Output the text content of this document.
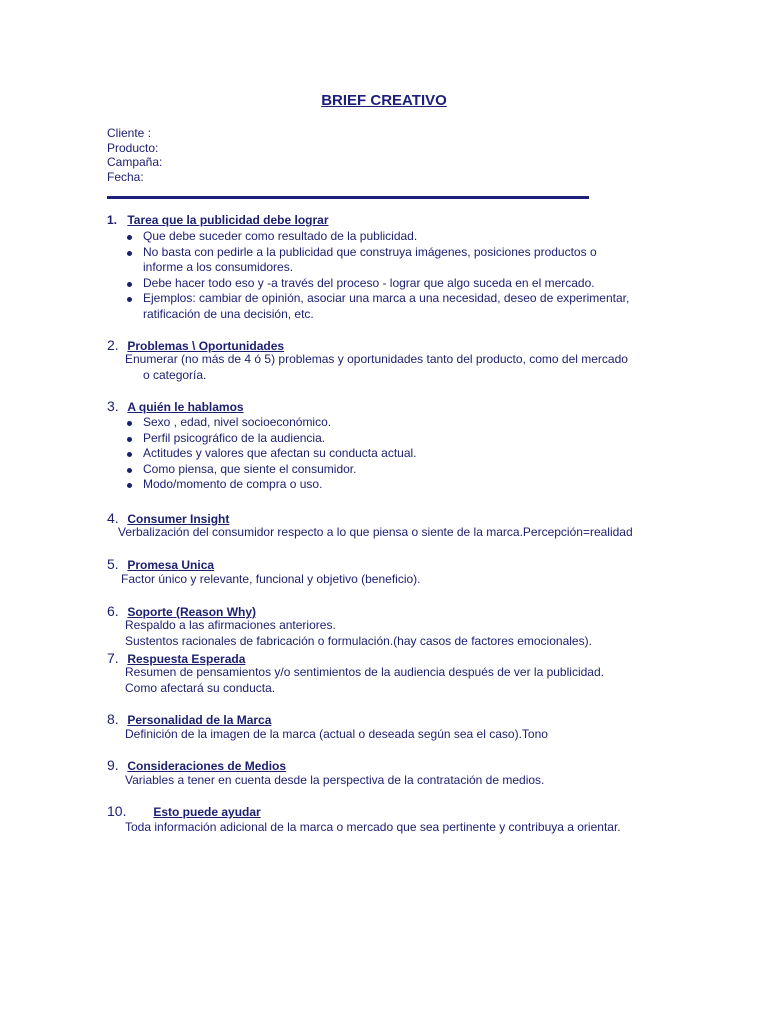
BRIEF CREATIVO
Cliente :
Producto:
Campaña:
Fecha:
1. Tarea que la publicidad debe lograr
Que debe suceder como resultado de la publicidad.
No basta con pedirle a la publicidad que construya imágenes, posiciones productos o
informe a los consumidores.
Debe hacer todo eso y -a través del proceso - lograr que algo suceda en el mercado.
Ejemplos: cambiar de opinión, asociar una marca a una necesidad, deseo de experimentar,
ratificación de una decisión, etc.
2. Problemas \ Oportunidades
Enumerar (no más de 4 ó 5) problemas y oportunidades tanto del producto, como del mercado
o categoría.
3. A quién le hablamos
Sexo , edad, nivel socioeconómico.
Perfil psicográfico de la audiencia.
Actitudes y valores que afectan su conducta actual.
Como piensa, que siente el consumidor.
Modo/momento de compra o uso.
4. Consumer Insight
Verbalización del consumidor respecto a lo que piensa o siente de la marca.Percepción=realidad
5. Promesa Unica
Factor único y relevante, funcional y objetivo (beneficio).
6. Soporte (Reason Why)
Respaldo a las afirmaciones anteriores.
Sustentos racionales de fabricación o formulación.(hay casos de factores emocionales).
7. Respuesta Esperada
Resumen de pensamientos y/o sentimientos de la audiencia después de ver la publicidad.
Como afectará su conducta.
8. Personalidad de la Marca
Definición de la imagen de la marca (actual o deseada según sea el caso).Tono
9. Consideraciones de Medios
Variables a tener en cuenta desde la perspectiva de la contratación de medios.
10. Esto puede ayudar
Toda información adicional de la marca o mercado que sea pertinente y contribuya a orientar.
